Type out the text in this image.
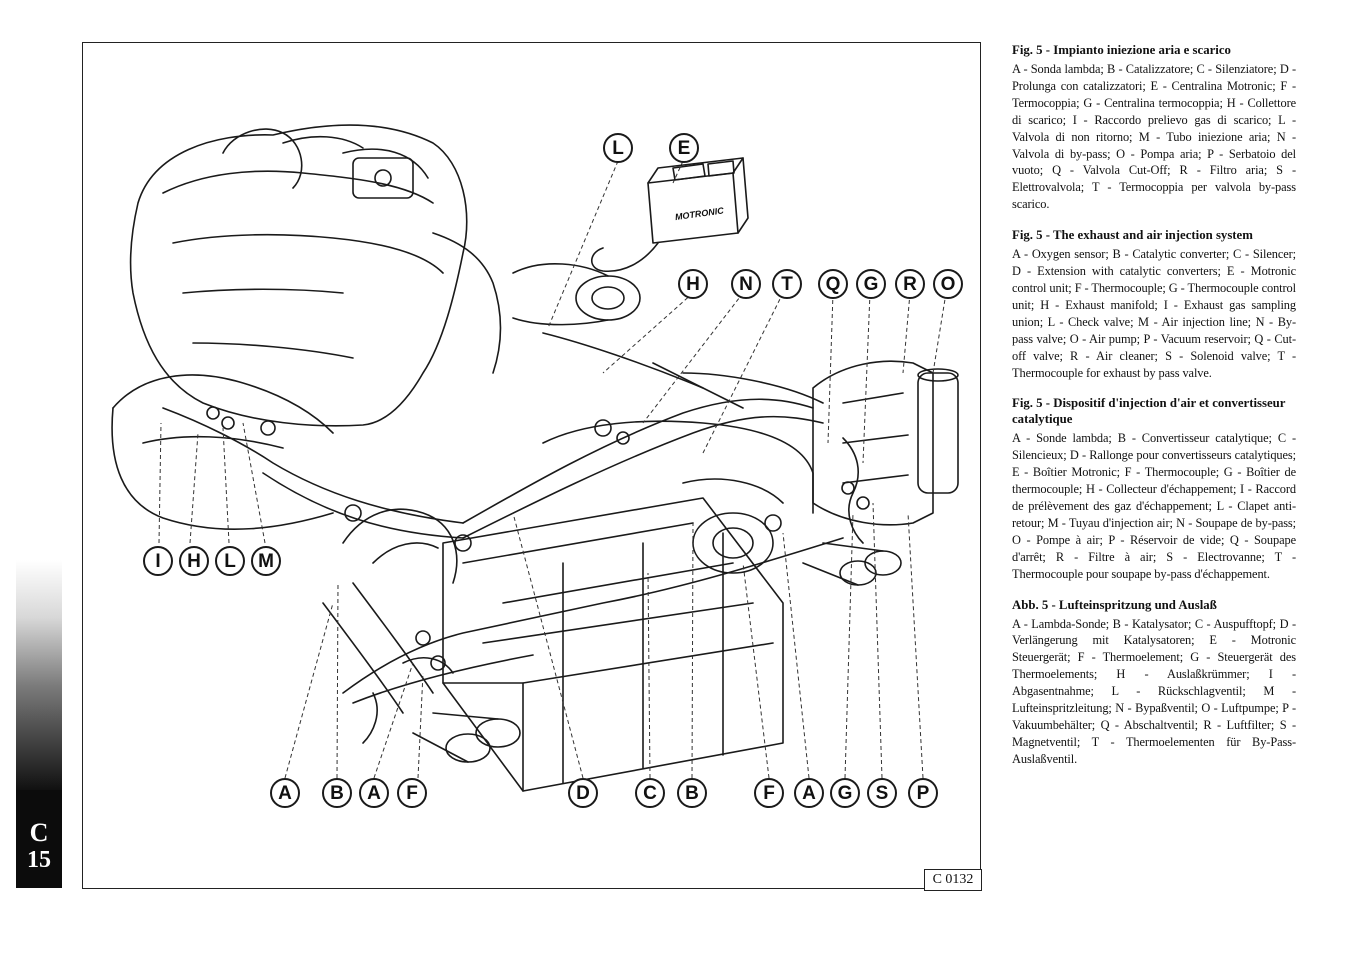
C
15
MOTRONIC
L	E
H	N	T	Q	G	R	O
I	H	L	M
A	B	A	F	D	C	B	F	A	G	S	P
C 0132
Fig. 5 - Impianto iniezione aria e scarico

A - Sonda lambda; B - Catalizzatore; C - Silenziatore; D - Prolunga con catalizzatori; E - Centralina Motronic; F - Termocoppia; G - Centralina termocoppia; H - Collettore di scarico; I - Raccordo prelievo gas di scarico; L - Valvola di non ritorno; M - Tubo iniezione aria; N - Valvola di by-pass; O - Pompa aria; P - Serbatoio del vuoto; Q - Valvola Cut-Off; R - Filtro aria; S - Elettrovalvola; T - Termocoppia per valvola by-pass scarico.

Fig. 5 - The exhaust and air injection system

A - Oxygen sensor; B - Catalytic converter; C - Silencer; D - Extension with catalytic converters; E - Motronic control unit; F - Thermocouple; G - Thermocouple control unit; H - Exhaust manifold; I - Exhaust gas sampling union; L - Check valve; M - Air injection line; N - By-pass valve; O - Air pump; P - Vacuum reservoir; Q - Cut-off valve; R - Air cleaner; S - Solenoid valve; T - Thermocouple for exhaust by pass valve.

Fig. 5 - Dispositif d'injection d'air et convertisseur catalytique

A - Sonde lambda; B - Convertisseur catalytique; C - Silencieux; D - Rallonge pour convertisseurs catalytiques; E - Boîtier Motronic; F - Thermocouple; G - Boîtier de thermocouple; H - Collecteur d'échappement; I - Raccord de prélèvement des gaz d'échappement; L - Clapet anti-retour; M - Tuyau d'injection air; N - Soupape de by-pass; O - Pompe à air; P - Réservoir de vide; Q - Soupape d'arrêt; R - Filtre à air; S - Electrovanne; T - Thermocouple pour soupape by-pass d'échappement.

Abb. 5 - Lufteinspritzung und Auslaß

A - Lambda-Sonde; B - Katalysator; C - Auspufftopf; D - Verlängerung mit Katalysatoren; E - Motronic Steuergerät; F - Thermoelement; G - Steuergerät des Thermoelements; H - Auslaßkrümmer; I - Abgasentnahme; L - Rückschlagventil; M - Lufteinspritzleitung; N - Bypaßventil; O - Luftpumpe; P - Vakuumbehälter; Q - Abschaltventil; R - Luftfilter; S - Magnetventil; T - Thermoelementen für By-Pass-Auslaßventil.
